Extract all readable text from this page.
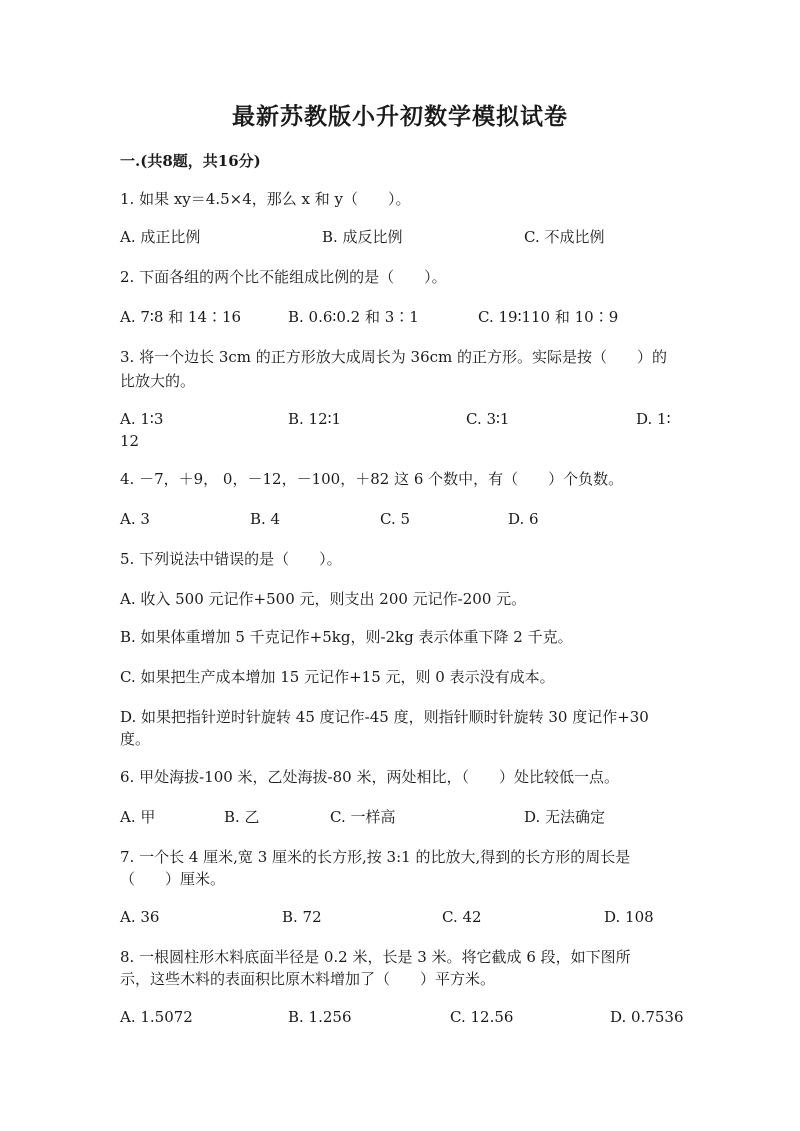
最新苏教版小升初数学模拟试卷
一.(共8题，共16分)
1. 如果 xy＝4.5×4，那么 x 和 y（　　）。
A. 成正比例	B. 成反比例	C. 不成比例
2. 下面各组的两个比不能组成比例的是（　　）。
A. 7∶8 和 14∶16	B. 0.6∶0.2 和 3∶1	C. 19∶110 和 10∶9
3. 将一个边长 3cm 的正方形放大成周长为 36cm 的正方形。实际是按（　　）的
比放大的。
A. 1∶3	B. 12∶1	C. 3∶1	D. 1∶
12
4. －7，＋9， 0，－12，－100，＋82 这 6 个数中，有（　　）个负数。
A. 3	B. 4	C. 5	D. 6
5. 下列说法中错误的是（　　）。
A. 收入 500 元记作+500 元，则支出 200 元记作-200 元。
B. 如果体重增加 5 千克记作+5kg，则-2kg 表示体重下降 2 千克。
C. 如果把生产成本增加 15 元记作+15 元，则 0 表示没有成本。
D. 如果把指针逆时针旋转 45 度记作-45 度，则指针顺时针旋转 30 度记作+30
度。
6. 甲处海拔-100 米，乙处海拔-80 米，两处相比，（　　）处比较低一点。
A. 甲	B. 乙	C. 一样高	D. 无法确定
7. 一个长 4 厘米,宽 3 厘米的长方形,按 3:1 的比放大,得到的长方形的周长是
（　　）厘米。
A. 36	B. 72	C. 42	D. 108
8. 一根圆柱形木料底面半径是 0.2 米，长是 3 米。将它截成 6 段，如下图所
示，这些木料的表面积比原木料增加了（　　）平方米。
A. 1.5072	B. 1.256	C. 12.56	D. 0.7536
